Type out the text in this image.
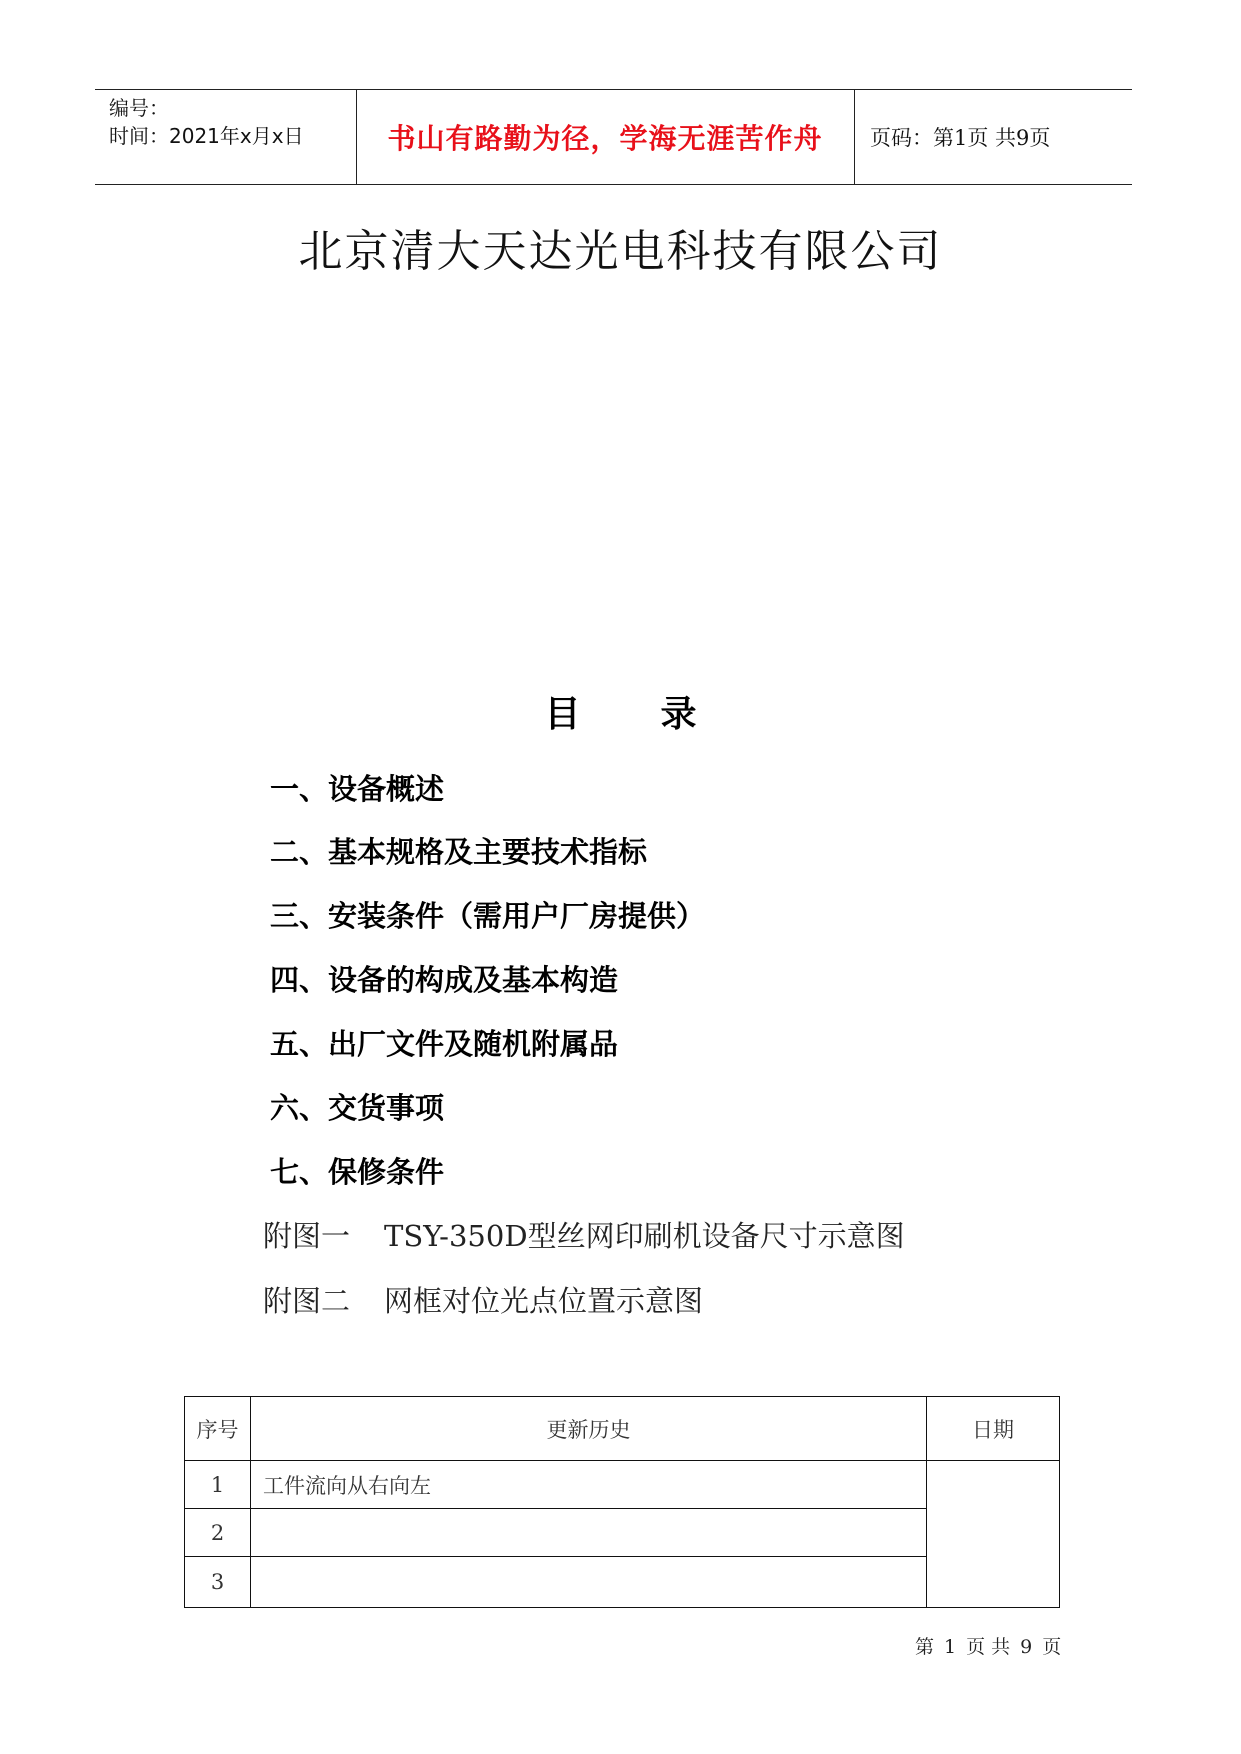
编号：
时间：2021年x月x日	书山有路勤为径，学海无涯苦作舟	页码：第1页 共9页
北京清大天达光电科技有限公司
目 录
一、设备概述
二、基本规格及主要技术指标
三、安装条件（需用户厂房提供）
四、设备的构成及基本构造
五、出厂文件及随机附属品
六、交货事项
七、保修条件
附图一 TSY-350D型丝网印刷机设备尺寸示意图
附图二 网框对位光点位置示意图
序号	更新历史	日期
1	工件流向从右向左
2
3
第 1 页 共 9 页
